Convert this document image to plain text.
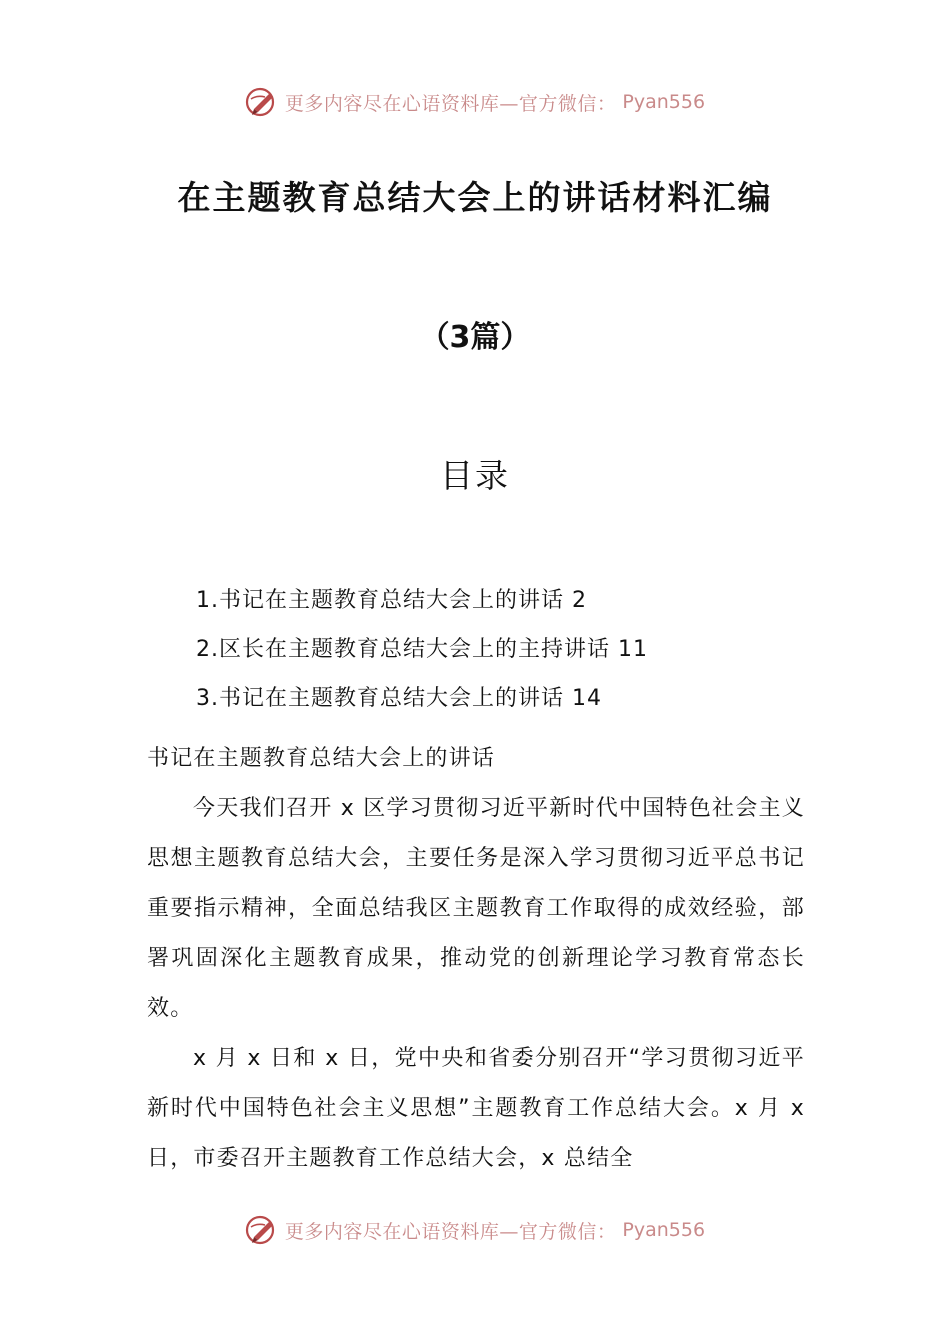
更多内容尽在心语资料库—官方微信： Pyan556
在主题教育总结大会上的讲话材料汇编
（3篇）
目录
1.书记在主题教育总结大会上的讲话 2
2.区长在主题教育总结大会上的主持讲话 11
3.书记在主题教育总结大会上的讲话 14

书记在主题教育总结大会上的讲话

今天我们召开 x 区学习贯彻习近平新时代中国特色社会主义思想主题教育总结大会，主要任务是深入学习贯彻习近平总书记重要指示精神，全面总结我区主题教育工作取得的成效经验，部署巩固深化主题教育成果，推动党的创新理论学习教育常态长效。

x 月 x 日和 x 日，党中央和省委分别召开“学习贯彻习近平新时代中国特色社会主义思想”主题教育工作总结大会。x 月 x 日，市委召开主题教育工作总结大会，x 总结全

更多内容尽在心语资料库—官方微信： Pyan556
